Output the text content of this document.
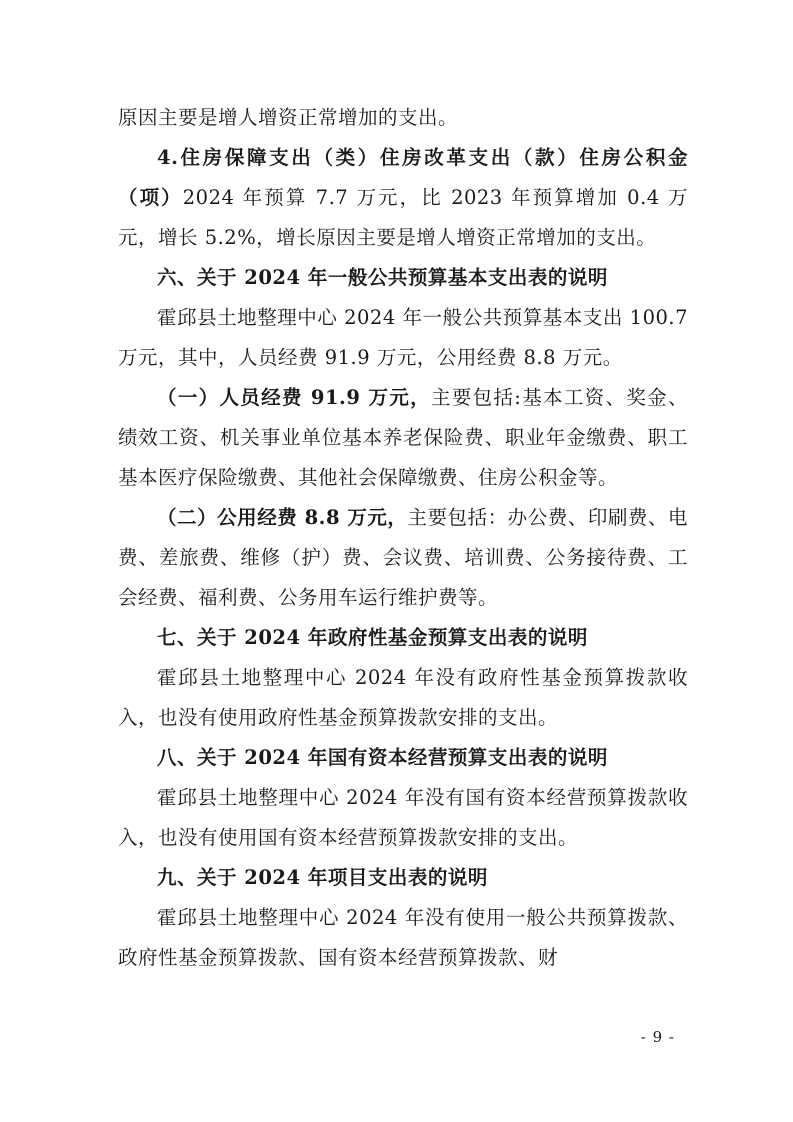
原因主要是增人增资正常增加的支出。

4.住房保障支出（类）住房改革支出（款）住房公积金（项）2024 年预算 7.7 万元，比 2023 年预算增加 0.4 万元，增长 5.2%，增长原因主要是增人增资正常增加的支出。

六、关于 2024 年一般公共预算基本支出表的说明

霍邱县土地整理中心 2024 年一般公共预算基本支出 100.7 万元，其中，人员经费 91.9 万元，公用经费 8.8 万元。

（一）人员经费 91.9 万元，主要包括:基本工资、奖金、绩效工资、机关事业单位基本养老保险费、职业年金缴费、职工基本医疗保险缴费、其他社会保障缴费、住房公积金等。

（二）公用经费 8.8 万元，主要包括：办公费、印刷费、电费、差旅费、维修（护）费、会议费、培训费、公务接待费、工会经费、福利费、公务用车运行维护费等。

七、关于 2024 年政府性基金预算支出表的说明

霍邱县土地整理中心 2024 年没有政府性基金预算拨款收入，也没有使用政府性基金预算拨款安排的支出。

八、关于 2024 年国有资本经营预算支出表的说明

霍邱县土地整理中心 2024 年没有国有资本经营预算拨款收入，也没有使用国有资本经营预算拨款安排的支出。

九、关于 2024 年项目支出表的说明

霍邱县土地整理中心 2024 年没有使用一般公共预算拨款、政府性基金预算拨款、国有资本经营预算拨款、财

- 9 -
